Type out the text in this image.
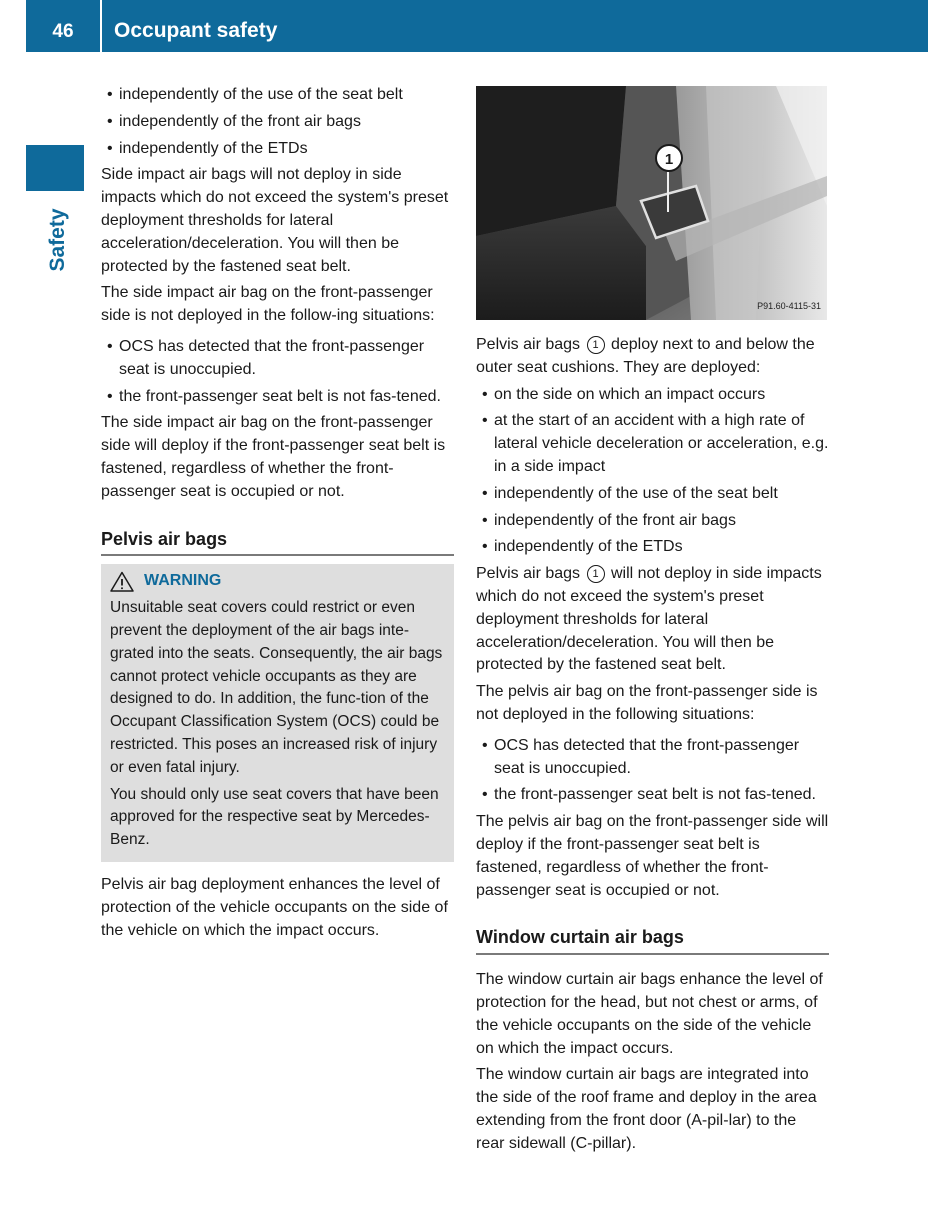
46	Occupant safety
Safety
• independently of the use of the seat belt
• independently of the front air bags
• independently of the ETDs

Side impact air bags will not deploy in side impacts which do not exceed the system's preset deployment thresholds for lateral acceleration/deceleration. You will then be protected by the fastened seat belt.

The side impact air bag on the front-passenger side is not deployed in the follow-ing situations:

• OCS has detected that the front-passenger seat is unoccupied.
• the front-passenger seat belt is not fas-tened.

The side impact air bag on the front-passenger side will deploy if the front-passenger seat belt is fastened, regardless of whether the front-passenger seat is occupied or not.

Pelvis air bags
WARNING

Unsuitable seat covers could restrict or even prevent the deployment of the air bags inte-grated into the seats. Consequently, the air bags cannot protect vehicle occupants as they are designed to do. In addition, the func-tion of the Occupant Classification System (OCS) could be restricted. This poses an increased risk of injury or even fatal injury.

You should only use seat covers that have been approved for the respective seat by Mercedes-Benz.

Pelvis air bag deployment enhances the level of protection of the vehicle occupants on the side of the vehicle on which the impact occurs.

1
P91.60-4115-31

Pelvis air bags 1 deploy next to and below the outer seat cushions. They are deployed:

• on the side on which an impact occurs
• at the start of an accident with a high rate of lateral vehicle deceleration or acceleration, e.g. in a side impact
• independently of the use of the seat belt
• independently of the front air bags
• independently of the ETDs

Pelvis air bags 1 will not deploy in side impacts which do not exceed the system's preset deployment thresholds for lateral acceleration/deceleration. You will then be protected by the fastened seat belt.

The pelvis air bag on the front-passenger side is not deployed in the following situations:

• OCS has detected that the front-passenger seat is unoccupied.
• the front-passenger seat belt is not fas-tened.

The pelvis air bag on the front-passenger side will deploy if the front-passenger seat belt is fastened, regardless of whether the front-passenger seat is occupied or not.

Window curtain air bags

The window curtain air bags enhance the level of protection for the head, but not chest or arms, of the vehicle occupants on the side of the vehicle on which the impact occurs.

The window curtain air bags are integrated into the side of the roof frame and deploy in the area extending from the front door (A-pil-lar) to the rear sidewall (C-pillar).
